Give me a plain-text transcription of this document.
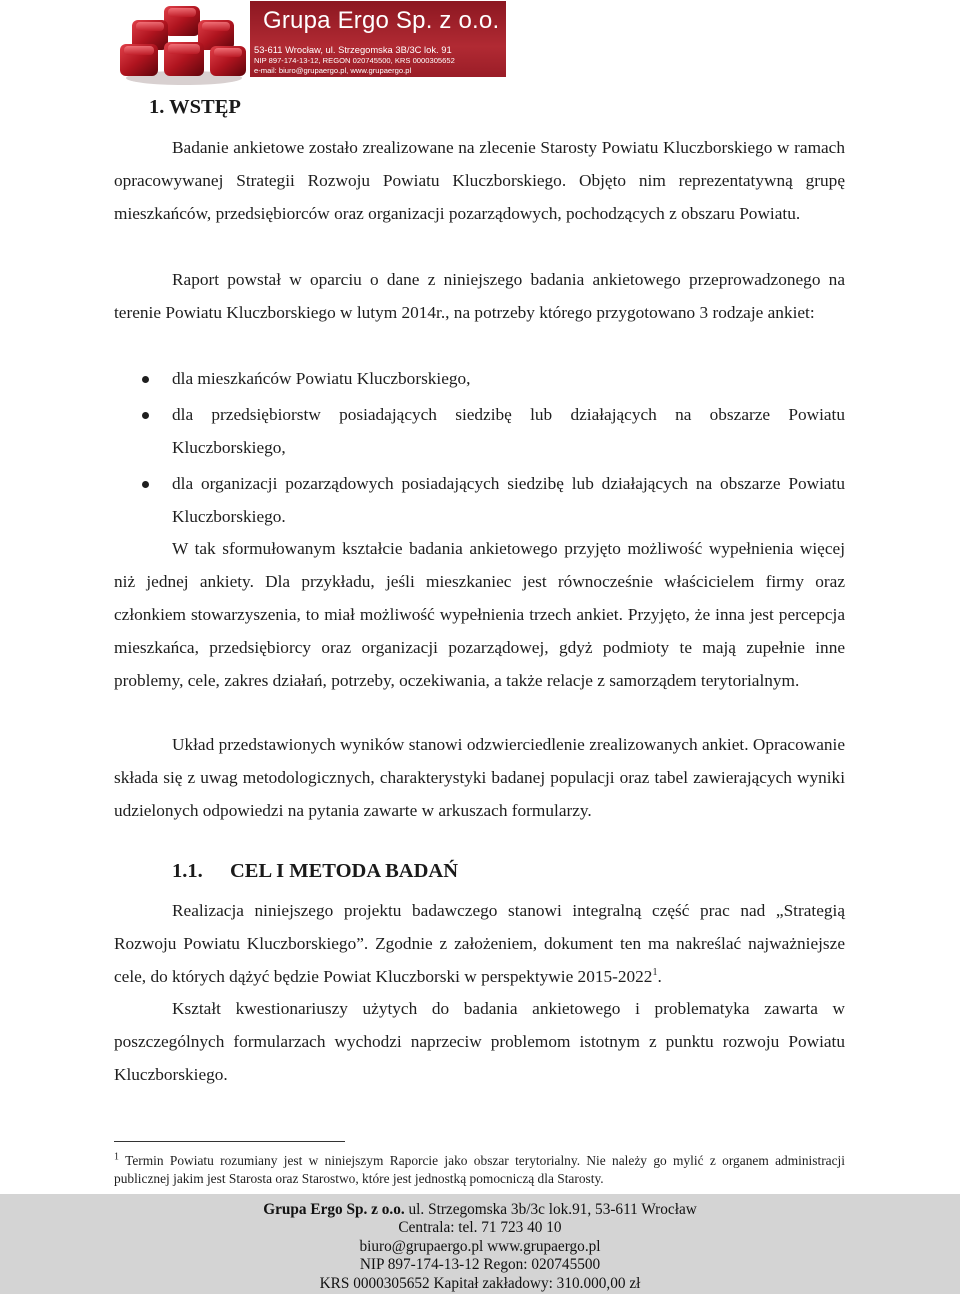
Grupa Ergo Sp. z o.o.
53-611 Wrocław, ul. Strzegomska 3B/3C lok. 91
NIP 897-174-13-12, REGON 020745500, KRS 0000305652
e-mail: biuro@grupaergo.pl, www.grupaergo.pl
1. WSTĘP

Badanie ankietowe zostało zrealizowane na zlecenie Starosty Powiatu Kluczborskiego w ramach opracowywanej Strategii Rozwoju Powiatu Kluczborskiego. Objęto nim reprezentatywną grupę mieszkańców, przedsiębiorców oraz organizacji pozarządowych, pochodzących z obszaru Powiatu.

Raport powstał w oparciu o dane z niniejszego badania ankietowego przeprowadzonego na terenie Powiatu Kluczborskiego w lutym 2014r., na potrzeby którego przygotowano 3 rodzaje ankiet:

dla mieszkańców Powiatu Kluczborskiego,
dla przedsiębiorstw posiadających siedzibę lub działających na obszarze Powiatu Kluczborskiego,
dla organizacji pozarządowych posiadających siedzibę lub działających na obszarze Powiatu Kluczborskiego.

W tak sformułowanym kształcie badania ankietowego przyjęto możliwość wypełnienia więcej niż jednej ankiety. Dla przykładu, jeśli mieszkaniec jest równocześnie właścicielem firmy oraz członkiem stowarzyszenia, to miał możliwość wypełnienia trzech ankiet. Przyjęto, że inna jest percepcja mieszkańca, przedsiębiorcy oraz organizacji pozarządowej, gdyż podmioty te mają zupełnie inne problemy, cele, zakres działań, potrzeby, oczekiwania, a także relacje z samorządem terytorialnym.

Układ przedstawionych wyników stanowi odzwierciedlenie zrealizowanych ankiet. Opracowanie składa się z uwag metodologicznych, charakterystyki badanej populacji oraz tabel zawierających wyniki udzielonych odpowiedzi na pytania zawarte w arkuszach formularzy.

1.1. CEL I METODA BADAŃ

Realizacja niniejszego projektu badawczego stanowi integralną część prac nad „Strategią Rozwoju Powiatu Kluczborskiego”. Zgodnie z założeniem, dokument ten ma nakreślać najważniejsze cele, do których dążyć będzie Powiat Kluczborski w perspektywie 2015-2022$^1$.

Kształt kwestionariuszy użytych do badania ankietowego i problematyka zawarta w poszczególnych formularzach wychodzi naprzeciw problemom istotnym z punktu rozwoju Powiatu Kluczborskiego.

$^1$ Termin Powiatu rozumiany jest w niniejszym Raporcie jako obszar terytorialny. Nie należy go mylić z organem administracji publicznej jakim jest Starosta oraz Starostwo, które jest jednostką pomocniczą dla Starosty.

Grupa Ergo Sp. z o.o. ul. Strzegomska 3b/3c lok.91, 53-611 Wrocław
Centrala: tel. 71 723 40 10
biuro@grupaergo.pl www.grupaergo.pl
NIP 897-174-13-12 Regon: 020745500
KRS 0000305652 Kapitał zakładowy: 310.000,00 zł
